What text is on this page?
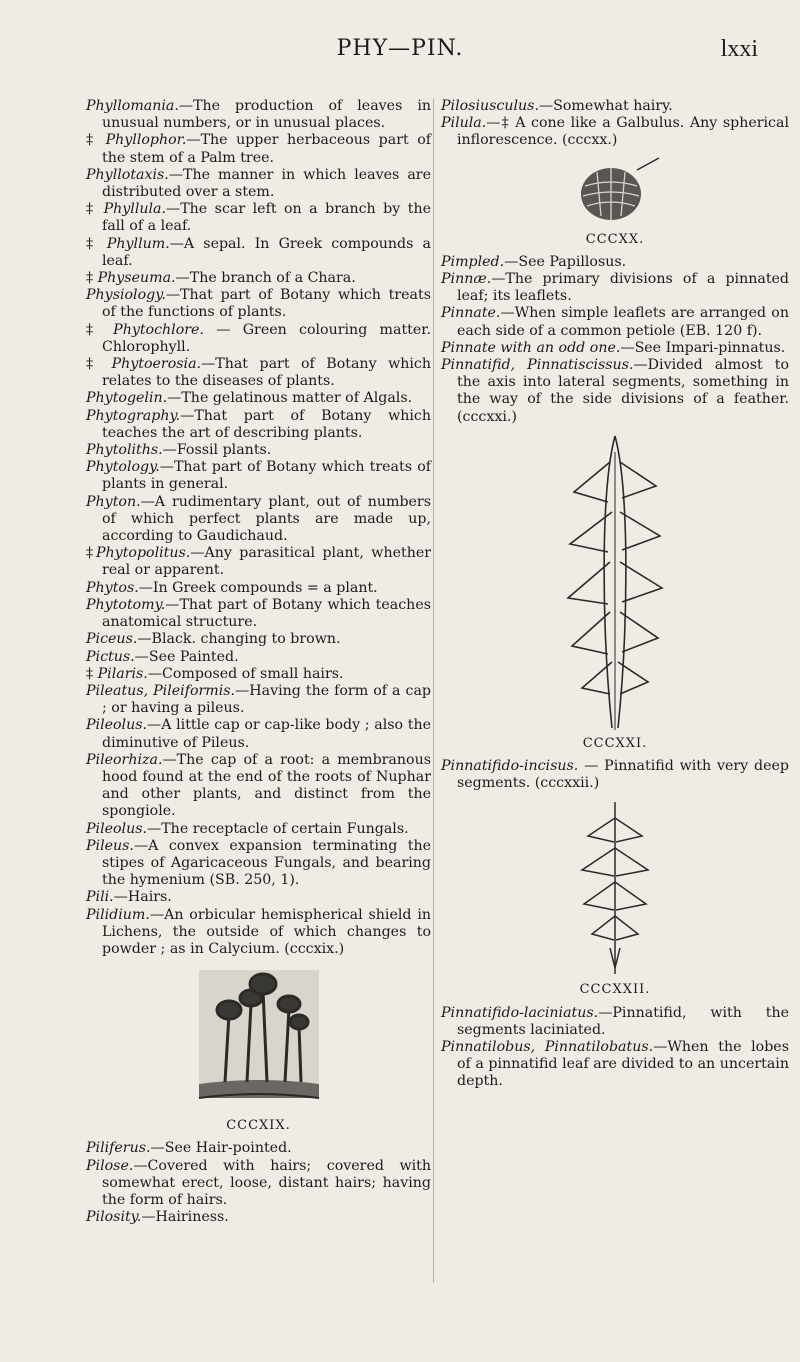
PHY—PIN.	lxxi

Phyllomania.—The production of leaves in unusual numbers, or in unusual places.

‡ Phyllophor.—The upper herbaceous part of the stem of a Palm tree.

Phyllotaxis.—The manner in which leaves are distributed over a stem.

‡ Phyllula.—The scar left on a branch by the fall of a leaf.

‡ Phyllum.—A sepal. In Greek compounds a leaf.

‡ Physeuma.—The branch of a Chara.

Physiology.—That part of Botany which treats of the functions of plants.

‡ Phytochlore. — Green colouring matter. Chlorophyll.

‡ Phytoerosia.—That part of Botany which relates to the diseases of plants.

Phytogelin.—The gelatinous matter of Algals.

Phytography.—That part of Botany which teaches the art of describing plants.

Phytoliths.—Fossil plants.

Phytology.—That part of Botany which treats of plants in general.

Phyton.—A rudimentary plant, out of numbers of which perfect plants are made up, according to Gaudichaud.

‡Phytopolitus.—Any parasitical plant, whether real or apparent.

Phytos.—In Greek compounds = a plant.

Phytotomy.—That part of Botany which teaches anatomical structure.

Piceus.—Black. changing to brown.

Pictus.—See Painted.

‡ Pilaris.—Composed of small hairs.

Pileatus, Pileiformis.—Having the form of a cap ; or having a pileus.

Pileolus.—A little cap or cap-like body ; also the diminutive of Pileus.

Pileorhiza.—The cap of a root: a membranous hood found at the end of the roots of Nuphar and other plants, and distinct from the spongiole.

Pileolus.—The receptacle of certain Fungals.

Pileus.—A convex expansion terminating the stipes of Agaricaceous Fungals, and bearing the hymenium (SB. 250, 1).

Pili.—Hairs.

Pilidium.—An orbicular hemispherical shield in Lichens, the outside of which changes to powder ; as in Calycium. (cccxix.)

CCCXIX.

Piliferus.—See Hair-pointed.

Pilose.—Covered with hairs; covered with somewhat erect, loose, distant hairs; having the form of hairs.

Pilosity.—Hairiness.

Pilosiusculus.—Somewhat hairy.

Pilula.—‡ A cone like a Galbulus. Any spherical inflorescence. (cccxx.)

CCCXX.

Pimpled.—See Papillosus.

Pinnæ.—The primary divisions of a pinnated leaf; its leaflets.

Pinnate.—When simple leaflets are arranged on each side of a common petiole (EB. 120 f).

Pinnate with an odd one.—See Impari-pinnatus.

Pinnatifid, Pinnatiscissus.—Divided almost to the axis into lateral segments, something in the way of the side divisions of a feather. (cccxxi.)

CCCXXI.

Pinnatifido-incisus. — Pinnatifid with very deep segments. (cccxxii.)

CCCXXII.

Pinnatifido-laciniatus.—Pinnatifid, with the segments laciniated.

Pinnatilobus, Pinnatilobatus.—When the lobes of a pinnatifid leaf are divided to an uncertain depth.
